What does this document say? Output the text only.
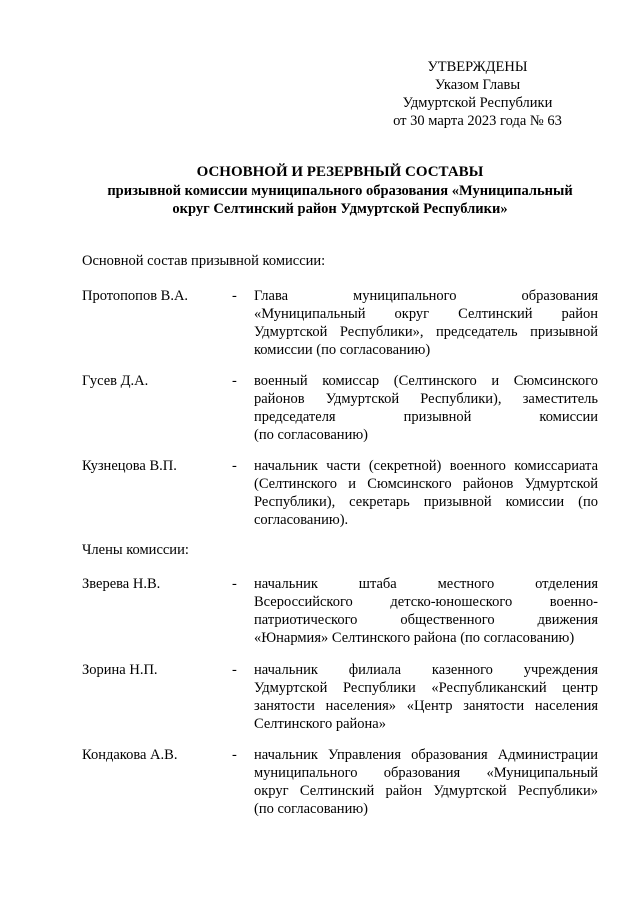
УТВЕРЖДЕНЫ
Указом Главы
Удмуртской Республики
от 30 марта 2023 года № 63
ОСНОВНОЙ И РЕЗЕРВНЫЙ СОСТАВЫ
призывной комиссии муниципального образования «Муниципальный
округ Селтинский район Удмуртской Республики»
Основной состав призывной комиссии:
Протопопов В.А.	- Глава муниципального образования
«Муниципальный округ Селтинский район
Удмуртской Республики», председатель призывной
комиссии (по согласованию)
Гусев Д.А.	- военный комиссар (Селтинского и Сюмсинского
районов Удмуртской Республики), заместитель
председателя призывной комиссии
(по согласованию)
Кузнецова В.П.	- начальник части (секретной) военного комиссариата
(Селтинского и Сюмсинского районов Удмуртской
Республики), секретарь призывной комиссии (по
согласованию).
Члены комиссии:
Зверева Н.В.	- начальник штаба местного отделения
Всероссийского детско-юношеского военно-
патриотического общественного движения
«Юнармия» Селтинского района (по согласованию)
Зорина Н.П.	- начальник филиала казенного учреждения
Удмуртской Республики «Республиканский центр
занятости населения» «Центр занятости населения
Селтинского района»
Кондакова А.В.	- начальник Управления образования Администрации
муниципального образования «Муниципальный
округ Селтинский район Удмуртской Республики»
(по согласованию)
